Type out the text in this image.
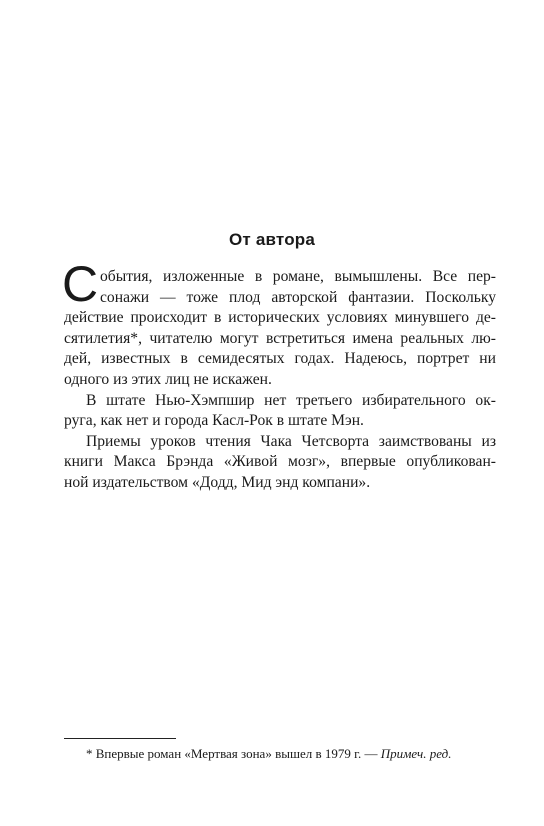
От автора
С обытия, изложенные в романе, вымышлены. Все пер-
сонажи — тоже плод авторской фантазии. Поскольку
действие происходит в исторических условиях минувшего де-
сятилетия*, читателю могут встретиться имена реальных лю-
дей, известных в семидесятых годах. Надеюсь, портрет ни
одного из этих лиц не искажен.
В штате Нью-Хэмпшир нет третьего избирательного ок-
руга, как нет и города Касл-Рок в штате Мэн.
Приемы уроков чтения Чака Четсворта заимствованы из
книги Макса Брэнда «Живой мозг», впервые опубликован-
ной издательством «Додд, Мид энд компани».
* Впервые роман «Мертвая зона» вышел в 1979 г. — Примеч. ред.
